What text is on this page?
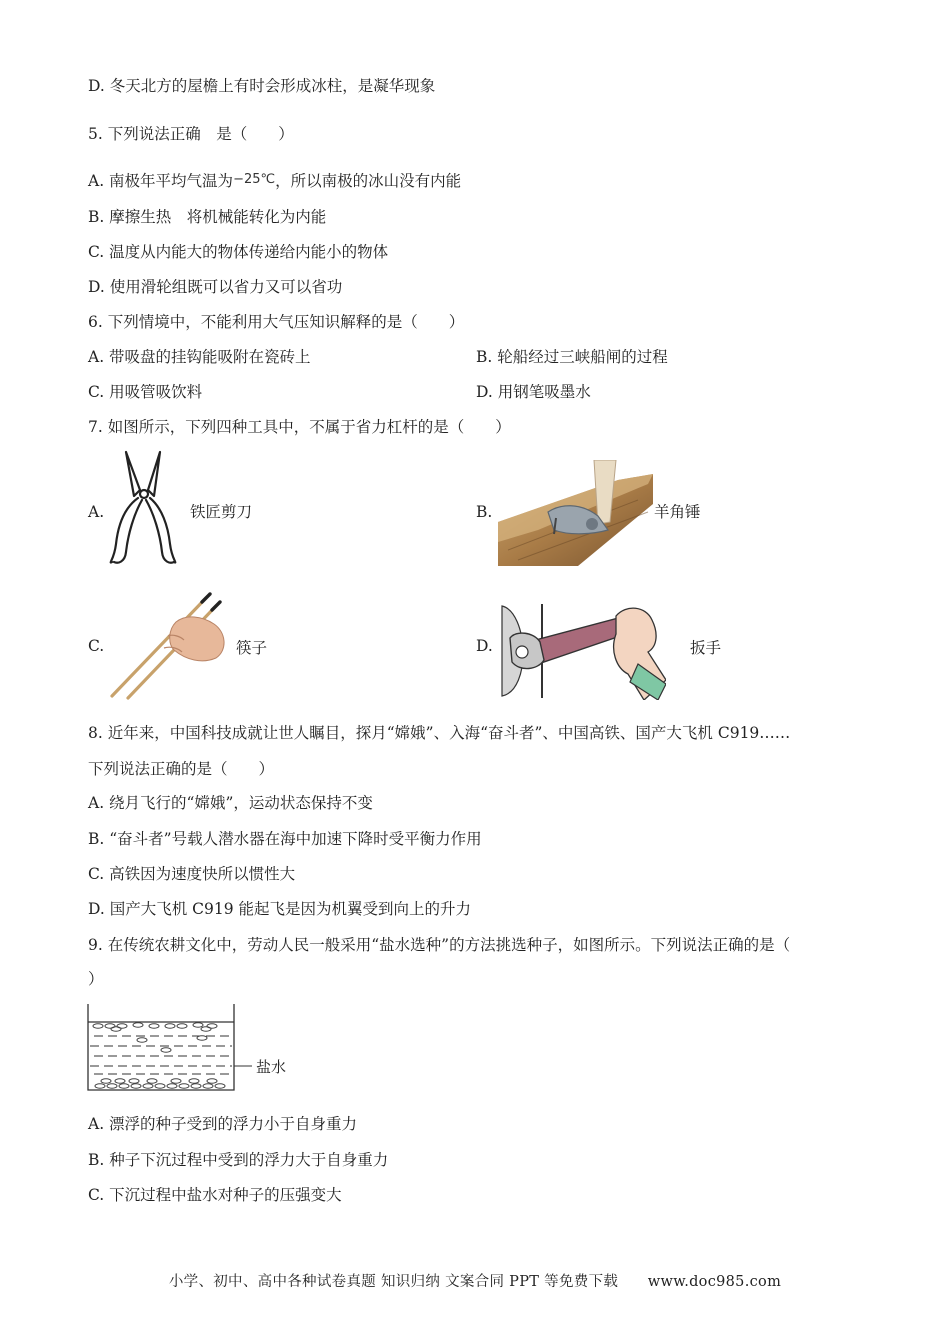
D. 冬天北方的屋檐上有时会形成冰柱，是凝华现象
5. 下列说法正确　是（　　）
A. 南极年平均气温为−25℃，所以南极的冰山没有内能
B. 摩擦生热　将机械能转化为内能
C. 温度从内能大的物体传递给内能小的物体
D. 使用滑轮组既可以省力又可以省功
6. 下列情境中，不能利用大气压知识解释的是（　　）
A. 带吸盘的挂钩能吸附在瓷砖上	B. 轮船经过三峡船闸的过程
C. 用吸管吸饮料	D. 用钢笔吸墨水
7. 如图所示，下列四种工具中，不属于省力杠杆的是（　　）
A.	铁匠剪刀	B.	羊角锤
C.	筷子	D.	扳手
8. 近年来，中国科技成就让世人瞩目，探月“嫦娥”、入海“奋斗者”、中国高铁、国产大飞机 C919……
下列说法正确的是（　　）
A. 绕月飞行的“嫦娥”，运动状态保持不变
B. “奋斗者”号载人潜水器在海中加速下降时受平衡力作用
C. 高铁因为速度快所以惯性大
D. 国产大飞机 C919 能起飞是因为机翼受到向上的升力
9. 在传统农耕文化中，劳动人民一般采用“盐水选种”的方法挑选种子，如图所示。下列说法正确的是（
）
盐水
A. 漂浮的种子受到的浮力小于自身重力
B. 种子下沉过程中受到的浮力大于自身重力
C. 下沉过程中盐水对种子的压强变大
小学、初中、高中各种试卷真题 知识归纳 文案合同 PPT 等免费下载　　www.doc985.com
